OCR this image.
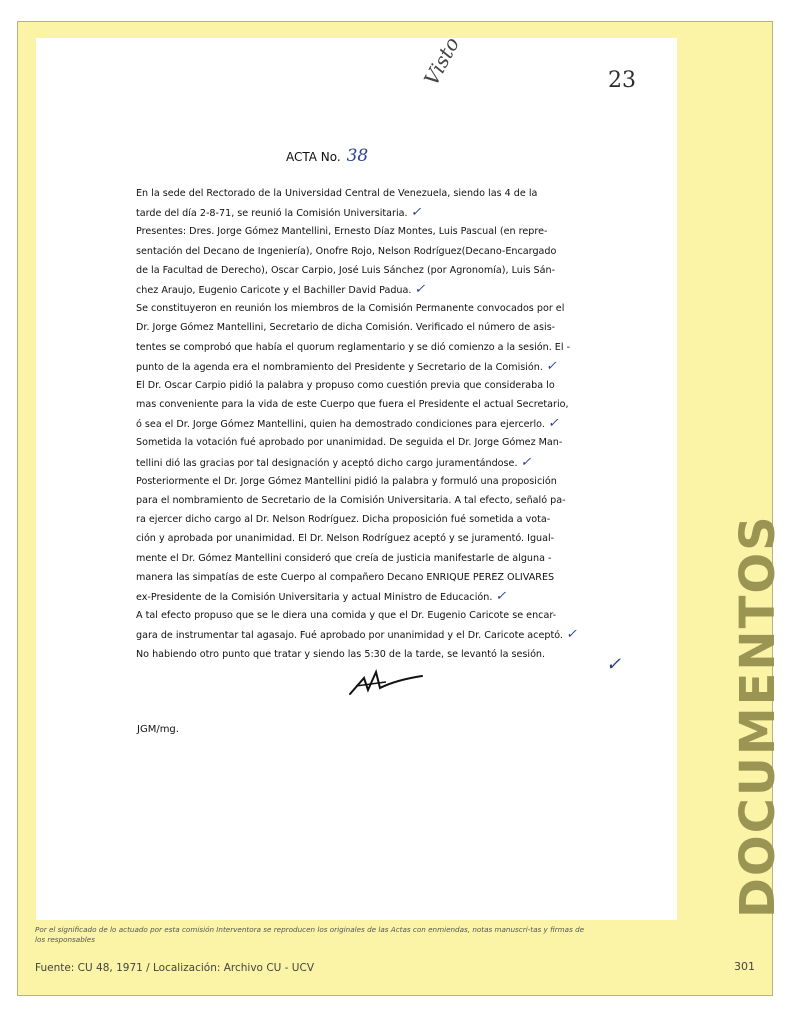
Visto	23
ACTA No. 38
En la sede del Rectorado de la Universidad Central de Venezuela, siendo las 4 de la
tarde del día 2-8-71, se reunió la Comisión Universitaria. ✓
Presentes: Dres. Jorge Gómez Mantellini, Ernesto Díaz Montes, Luis Pascual (en repre-
sentación del Decano de Ingeniería), Onofre Rojo, Nelson Rodríguez(Decano-Encargado
de la Facultad de Derecho), Oscar Carpio, José Luis Sánchez (por Agronomía), Luis Sán-
chez Araujo, Eugenio Caricote y el Bachiller David Padua. ✓
Se constituyeron en reunión los miembros de la Comisión Permanente convocados por el
Dr. Jorge Gómez Mantellini, Secretario de dicha Comisión. Verificado el número de asis-
tentes se comprobó que había el quorum reglamentario y se dió comienzo a la sesión. El -
punto de la agenda era el nombramiento del Presidente y Secretario de la Comisión. ✓
El Dr. Oscar Carpio pidió la palabra y propuso como cuestión previa que consideraba lo
mas conveniente para la vida de este Cuerpo que fuera el Presidente el actual Secretario,
ó sea el Dr. Jorge Gómez Mantellini, quien ha demostrado condiciones para ejercerlo. ✓
Sometida la votación fué aprobado por unanimidad. De seguida el Dr. Jorge Gómez Man-
tellini dió las gracias por tal designación y aceptó dicho cargo juramentándose. ✓
Posteriormente el Dr. Jorge Gómez Mantellini pidió la palabra y formuló una proposición
para el nombramiento de Secretario de la Comisión Universitaria. A tal efecto, señaló pa-
ra ejercer dicho cargo al Dr. Nelson Rodríguez. Dicha proposición fué sometida a vota-
ción y aprobada por unanimidad. El Dr. Nelson Rodríguez aceptó y se juramentó. Igual-
mente el Dr. Gómez Mantellini consideró que creía de justicia manifestarle de alguna -
manera las simpatías de este Cuerpo al compañero Decano ENRIQUE PEREZ OLIVARES
ex-Presidente de la Comisión Universitaria y actual Ministro de Educación. ✓
A tal efecto propuso que se le diera una comida y que el Dr. Eugenio Caricote se encar-
gara de instrumentar tal agasajo. Fué aprobado por unanimidad y el Dr. Caricote aceptó. ✓
No habiendo otro punto que tratar y siendo las 5:30 de la tarde, se levantó la sesión.	✓
JGM/mg.	DOCUMENTOS
Por el significado de lo actuado por esta comisión Interventora se reproducen los originales de las Actas con enmiendas, notas manuscri-tas y firmas de los responsables
Fuente: CU 48, 1971 / Localización: Archivo CU - UCV	301
